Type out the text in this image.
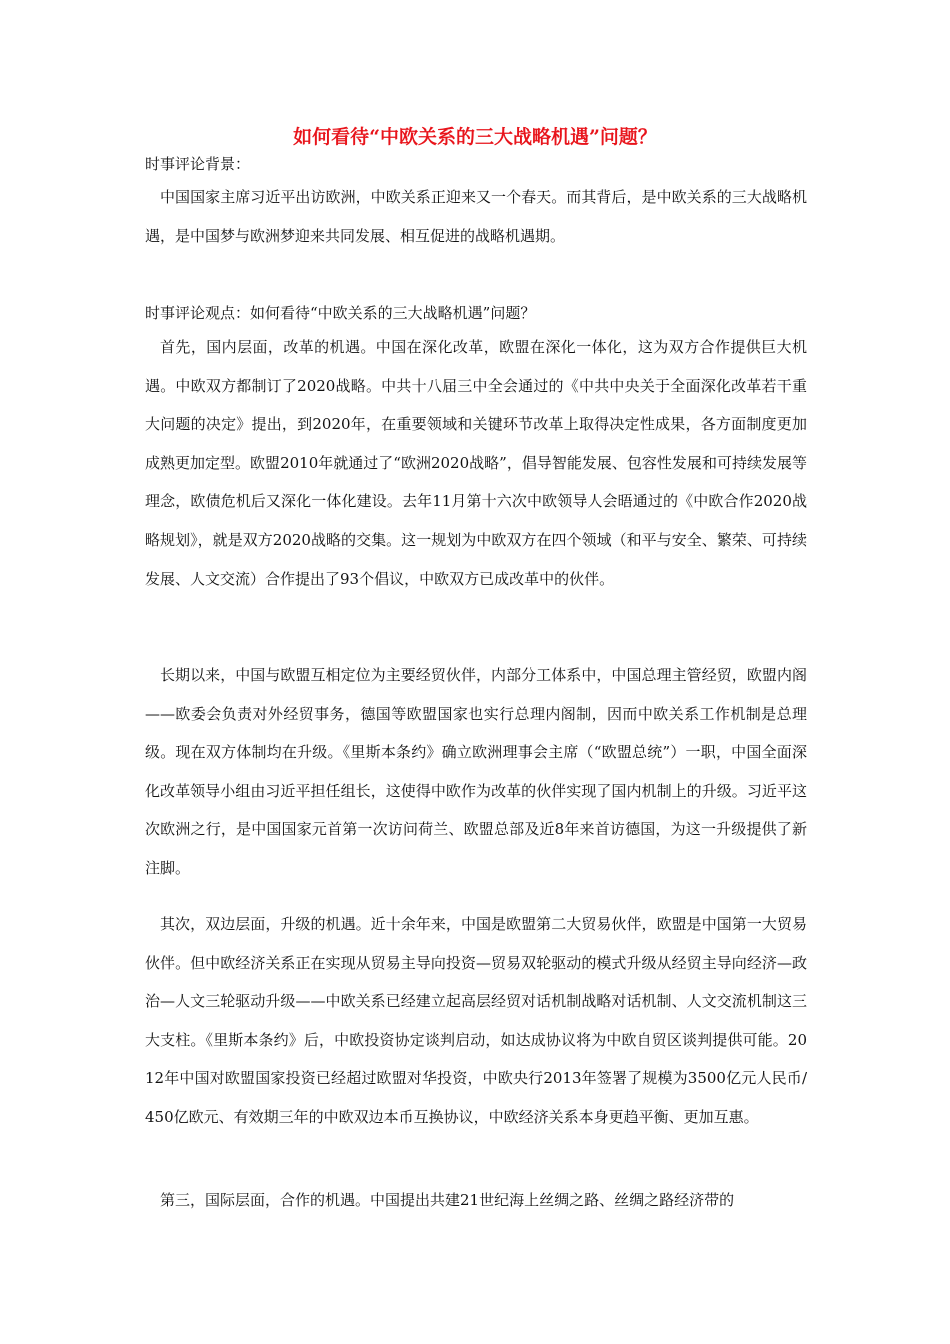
如何看待“中欧关系的三大战略机遇”问题？
时事评论背景：

中国国家主席习近平出访欧洲，中欧关系正迎来又一个春天。而其背后，是中欧关系的三大战略机遇，是中国梦与欧洲梦迎来共同发展、相互促进的战略机遇期。

时事评论观点：如何看待“中欧关系的三大战略机遇”问题？

首先，国内层面，改革的机遇。中国在深化改革，欧盟在深化一体化，这为双方合作提供巨大机遇。中欧双方都制订了2020战略。中共十八届三中全会通过的《中共中央关于全面深化改革若干重大问题的决定》提出，到2020年，在重要领域和关键环节改革上取得决定性成果，各方面制度更加成熟更加定型。欧盟2010年就通过了“欧洲2020战略”，倡导智能发展、包容性发展和可持续发展等理念，欧债危机后又深化一体化建设。去年11月第十六次中欧领导人会晤通过的《中欧合作2020战略规划》，就是双方2020战略的交集。这一规划为中欧双方在四个领域（和平与安全、繁荣、可持续发展、人文交流）合作提出了93个倡议，中欧双方已成改革中的伙伴。

长期以来，中国与欧盟互相定位为主要经贸伙伴，内部分工体系中，中国总理主管经贸，欧盟内阁——欧委会负责对外经贸事务，德国等欧盟国家也实行总理内阁制，因而中欧关系工作机制是总理级。现在双方体制均在升级。《里斯本条约》确立欧洲理事会主席（“欧盟总统”）一职，中国全面深化改革领导小组由习近平担任组长，这使得中欧作为改革的伙伴实现了国内机制上的升级。习近平这次欧洲之行，是中国国家元首第一次访问荷兰、欧盟总部及近8年来首访德国，为这一升级提供了新注脚。

其次，双边层面，升级的机遇。近十余年来，中国是欧盟第二大贸易伙伴，欧盟是中国第一大贸易伙伴。但中欧经济关系正在实现从贸易主导向投资—贸易双轮驱动的模式升级从经贸主导向经济—政治—人文三轮驱动升级——中欧关系已经建立起高层经贸对话机制战略对话机制、人文交流机制这三大支柱。《里斯本条约》后，中欧投资协定谈判启动，如达成协议将为中欧自贸区谈判提供可能。2012年中国对欧盟国家投资已经超过欧盟对华投资，中欧央行2013年签署了规模为3500亿元人民币/450亿欧元、有效期三年的中欧双边本币互换协议，中欧经济关系本身更趋平衡、更加互惠。

第三，国际层面，合作的机遇。中国提出共建21世纪海上丝绸之路、丝绸之路经济带的
